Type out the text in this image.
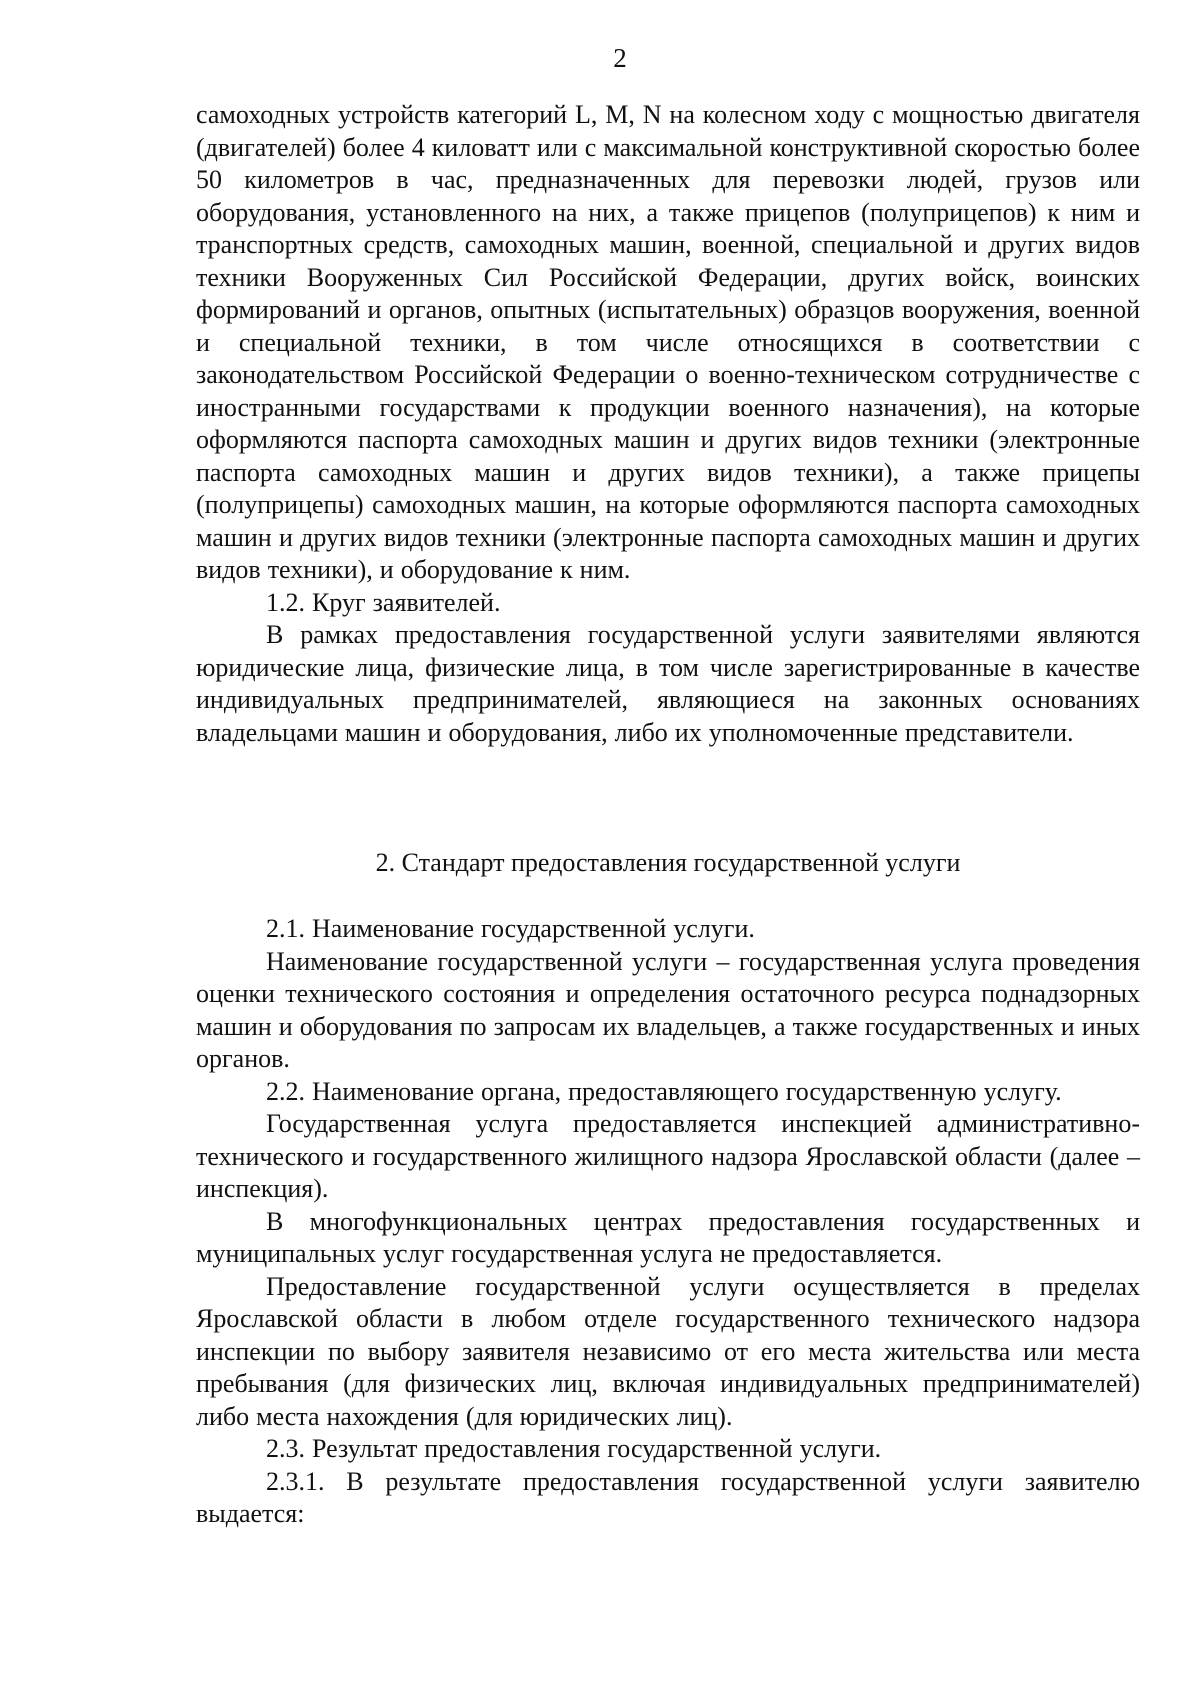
2

самоходных устройств категорий L, M, N на колесном ходу с мощностью двигателя (двигателей) более 4 киловатт или с максимальной конструктивной скоростью более 50 километров в час, предназначенных для перевозки людей, грузов или оборудования, установленного на них, а также прицепов (полуприцепов) к ним и транспортных средств, самоходных машин, военной, специальной и других видов техники Вооруженных Сил Российской Федерации, других войск, воинских формирований и органов, опытных (испытательных) образцов вооружения, военной и специальной техники, в том числе относящихся в соответствии с законодательством Российской Федерации о военно-техническом сотрудничестве с иностранными государствами к продукции военного назначения), на которые оформляются паспорта самоходных машин и других видов техники (электронные паспорта самоходных машин и других видов техники), а также прицепы (полуприцепы) самоходных машин, на которые оформляются паспорта самоходных машин и других видов техники (электронные паспорта самоходных машин и других видов техники), и оборудование к ним.

1.2. Круг заявителей.

В рамках предоставления государственной услуги заявителями являются юридические лица, физические лица, в том числе зарегистрированные в качестве индивидуальных предпринимателей, являющиеся на законных основаниях владельцами машин и оборудования, либо их уполномоченные представители.

2. Стандарт предоставления государственной услуги

2.1. Наименование государственной услуги.

Наименование государственной услуги – государственная услуга проведения оценки технического состояния и определения остаточного ресурса поднадзорных машин и оборудования по запросам их владельцев, а также государственных и иных органов.

2.2. Наименование органа, предоставляющего государственную услугу.

Государственная услуга предоставляется инспекцией административно-технического и государственного жилищного надзора Ярославской области (далее – инспекция).

В многофункциональных центрах предоставления государственных и муниципальных услуг государственная услуга не предоставляется.

Предоставление государственной услуги осуществляется в пределах Ярославской области в любом отделе государственного технического надзора инспекции по выбору заявителя независимо от его места жительства или места пребывания (для физических лиц, включая индивидуальных предпринимателей) либо места нахождения (для юридических лиц).

2.3. Результат предоставления государственной услуги.

2.3.1. В результате предоставления государственной услуги заявителю выдается:
